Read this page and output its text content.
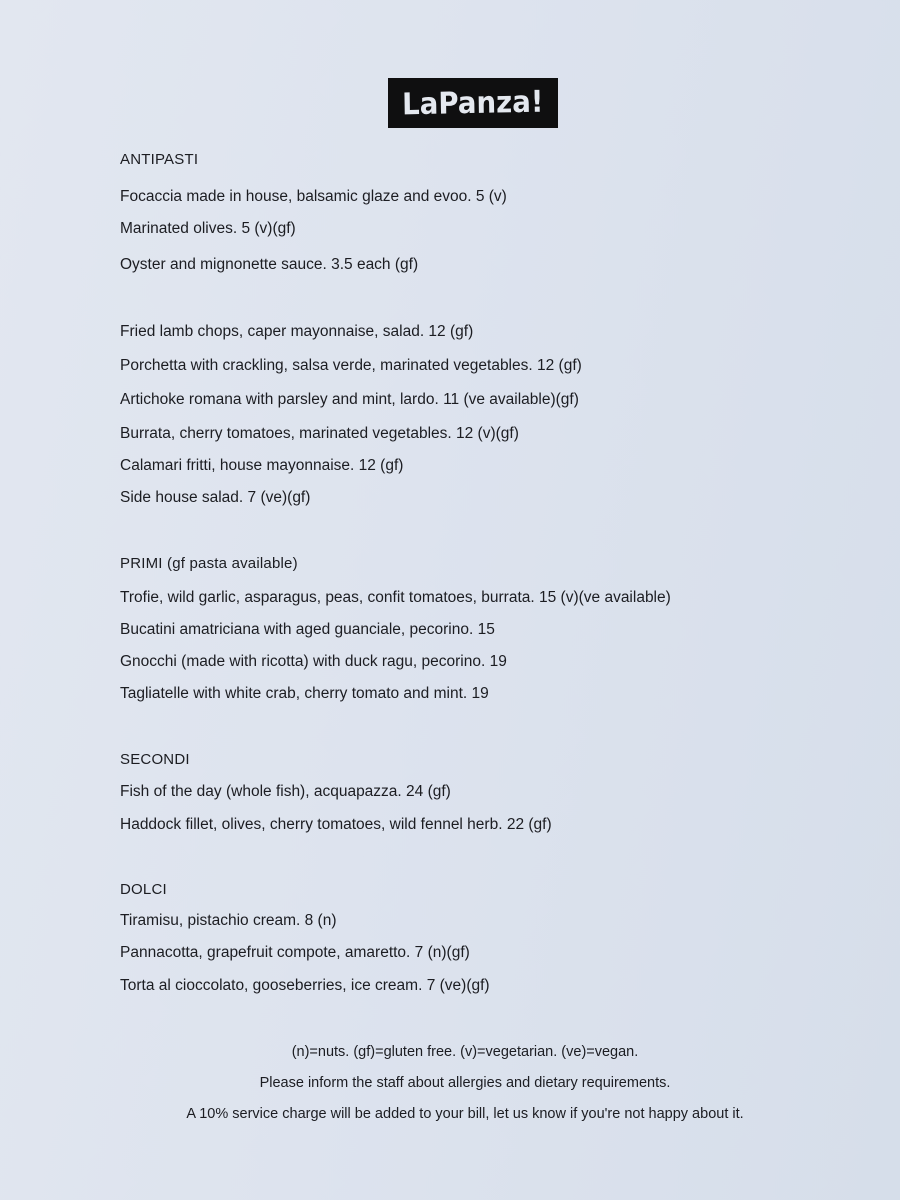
LaPanza!
ANTIPASTI
Focaccia made in house, balsamic glaze and evoo. 5 (v)
Marinated olives. 5 (v)(gf)
Oyster and mignonette sauce. 3.5 each (gf)
Fried lamb chops, caper mayonnaise, salad. 12 (gf)
Porchetta with crackling, salsa verde, marinated vegetables. 12 (gf)
Artichoke romana with parsley and mint, lardo. 11 (ve available)(gf)
Burrata, cherry tomatoes, marinated vegetables. 12 (v)(gf)
Calamari fritti, house mayonnaise. 12 (gf)
Side house salad. 7 (ve)(gf)
PRIMI (gf pasta available)
Trofie, wild garlic, asparagus, peas, confit tomatoes, burrata. 15 (v)(ve available)
Bucatini amatriciana with aged guanciale, pecorino. 15
Gnocchi (made with ricotta) with duck ragu, pecorino. 19
Tagliatelle with white crab, cherry tomato and mint. 19
SECONDI
Fish of the day (whole fish), acquapazza. 24 (gf)
Haddock fillet, olives, cherry tomatoes, wild fennel herb. 22 (gf)
DOLCI
Tiramisu, pistachio cream. 8 (n)
Pannacotta, grapefruit compote, amaretto. 7 (n)(gf)
Torta al cioccolato, gooseberries, ice cream. 7 (ve)(gf)
(n)=nuts. (gf)=gluten free. (v)=vegetarian. (ve)=vegan.
Please inform the staff about allergies and dietary requirements.
A 10% service charge will be added to your bill, let us know if you're not happy about it.
